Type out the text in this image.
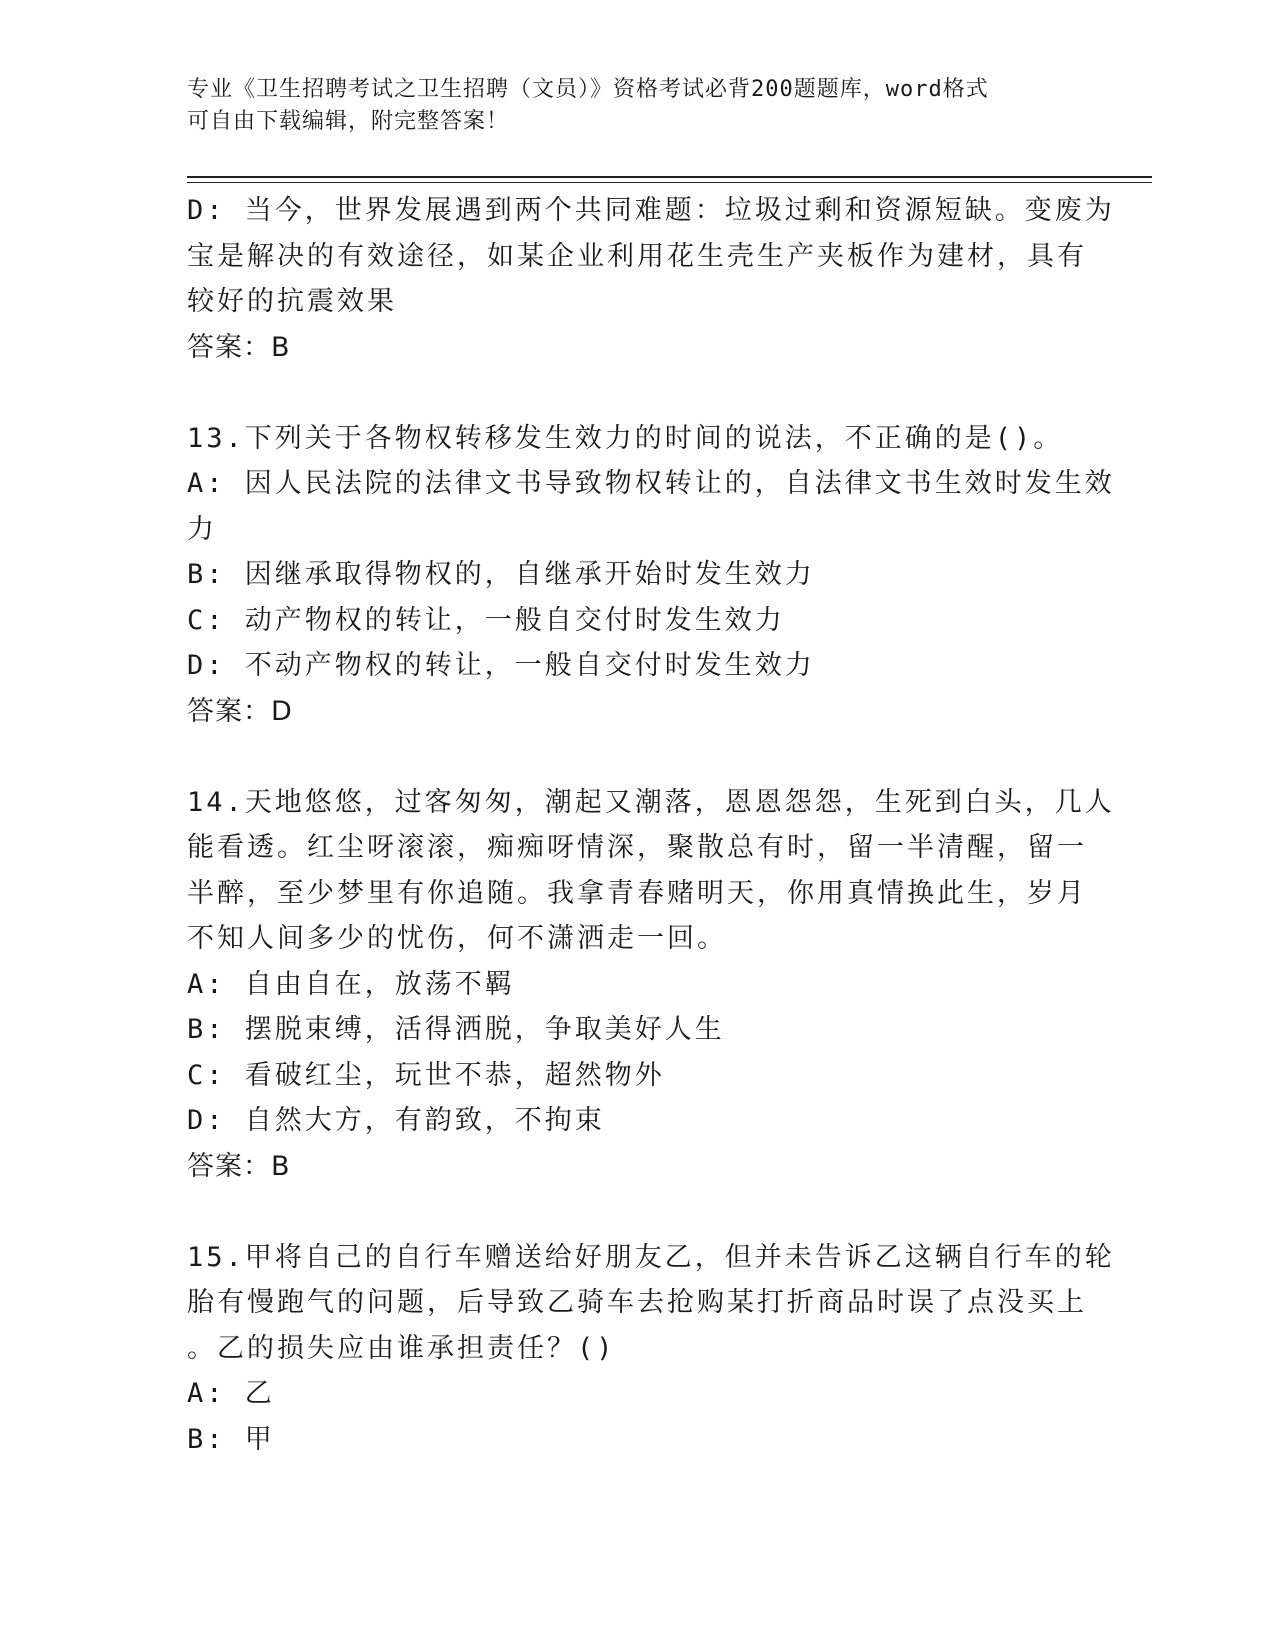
专业《卫生招聘考试之卫生招聘（文员）》资格考试必背200题题库，word格式
可自由下载编辑，附完整答案！
D: 当今，世界发展遇到两个共同难题：垃圾过剩和资源短缺。变废为
宝是解决的有效途径，如某企业利用花生壳生产夹板作为建材，具有
较好的抗震效果
答案：B
13.下列关于各物权转移发生效力的时间的说法，不正确的是()。
A: 因人民法院的法律文书导致物权转让的，自法律文书生效时发生效
力
B: 因继承取得物权的，自继承开始时发生效力
C: 动产物权的转让，一般自交付时发生效力
D: 不动产物权的转让，一般自交付时发生效力
答案：D
14.天地悠悠，过客匆匆，潮起又潮落，恩恩怨怨，生死到白头，几人
能看透。红尘呀滚滚，痴痴呀情深，聚散总有时，留一半清醒，留一
半醉，至少梦里有你追随。我拿青春赌明天，你用真情换此生，岁月
不知人间多少的忧伤，何不潇洒走一回。
A: 自由自在，放荡不羁
B: 摆脱束缚，活得洒脱，争取美好人生
C: 看破红尘，玩世不恭，超然物外
D: 自然大方，有韵致，不拘束
答案：B
15.甲将自己的自行车赠送给好朋友乙，但并未告诉乙这辆自行车的轮
胎有慢跑气的问题，后导致乙骑车去抢购某打折商品时误了点没买上
。乙的损失应由谁承担责任？()
A: 乙
B: 甲
